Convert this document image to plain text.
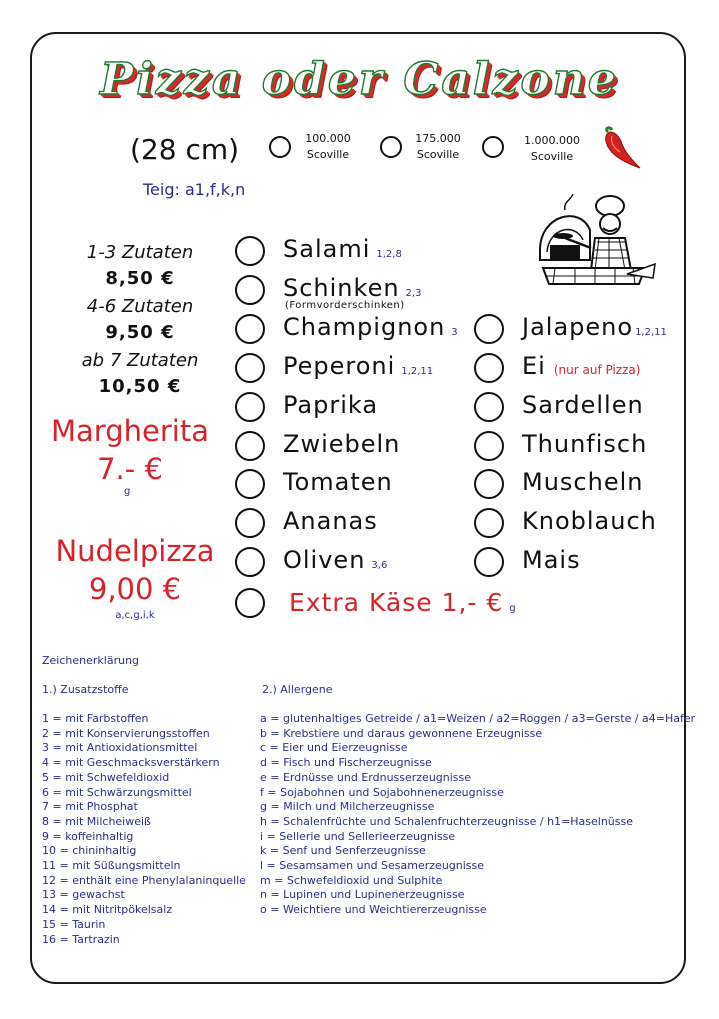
Pizza oder Calzone
(28 cm)	100.000
Scoville
175.000
Scoville
1.000.000
Scoville
Teig: a1,f,k,n
1-3 Zutaten
8,50 €
4-6 Zutaten
9,50 €
ab 7 Zutaten
10,50 €
Margherita
7.- €
g
Nudelpizza
9,00 €
a,c,g,i,k
Salami 1,2,8
Schinken 2,3
(Formvorderschinken)
Champignon 3
Peperoni 1,2,11
Paprika
Zwiebeln
Tomaten
Ananas
Oliven 3,6
Extra Käse 1,- € g
Jalapeno 1,2,11
Ei (nur auf Pizza)
Sardellen
Thunfisch
Muscheln
Knoblauch
Mais
Zeichenerklärung
1.) Zusatzstoffe	2.) Allergene
1 = mit Farbstoffen
2 = mit Konservierungsstoffen
3 = mit Antioxidationsmittel
4 = mit Geschmacksverstärkern
5 = mit Schwefeldioxid
6 = mit Schwärzungsmittel
7 = mit Phosphat
8 = mit Milcheiweiß
9 = koffeinhaltig
10 = chininhaltig
11 = mit Süßungsmitteln
12 = enthält eine Phenylalaninquelle
13 = gewachst
14 = mit Nitritpökelsalz
15 = Taurin
16 = Tartrazin
a = glutenhaltiges Getreide / a1=Weizen / a2=Roggen / a3=Gerste / a4=Hafer
b = Krebstiere und daraus gewonnene Erzeugnisse
c = Eier und Eierzeugnisse
d = Fisch und Fischerzeugnisse
e = Erdnüsse und Erdnusserzeugnisse
f = Sojabohnen und Sojabohnenerzeugnisse
g = Milch und Milcherzeugnisse
h = Schalenfrüchte und Schalenfruchterzeugnisse / h1=Haselnüsse
i = Sellerie und Sellerieerzeugnisse
k = Senf und Senferzeugnisse
l = Sesamsamen und Sesamerzeugnisse
m = Schwefeldioxid und Sulphite
n = Lupinen und Lupinenerzeugnisse
o = Weichtiere und Weichtiererzeugnisse
